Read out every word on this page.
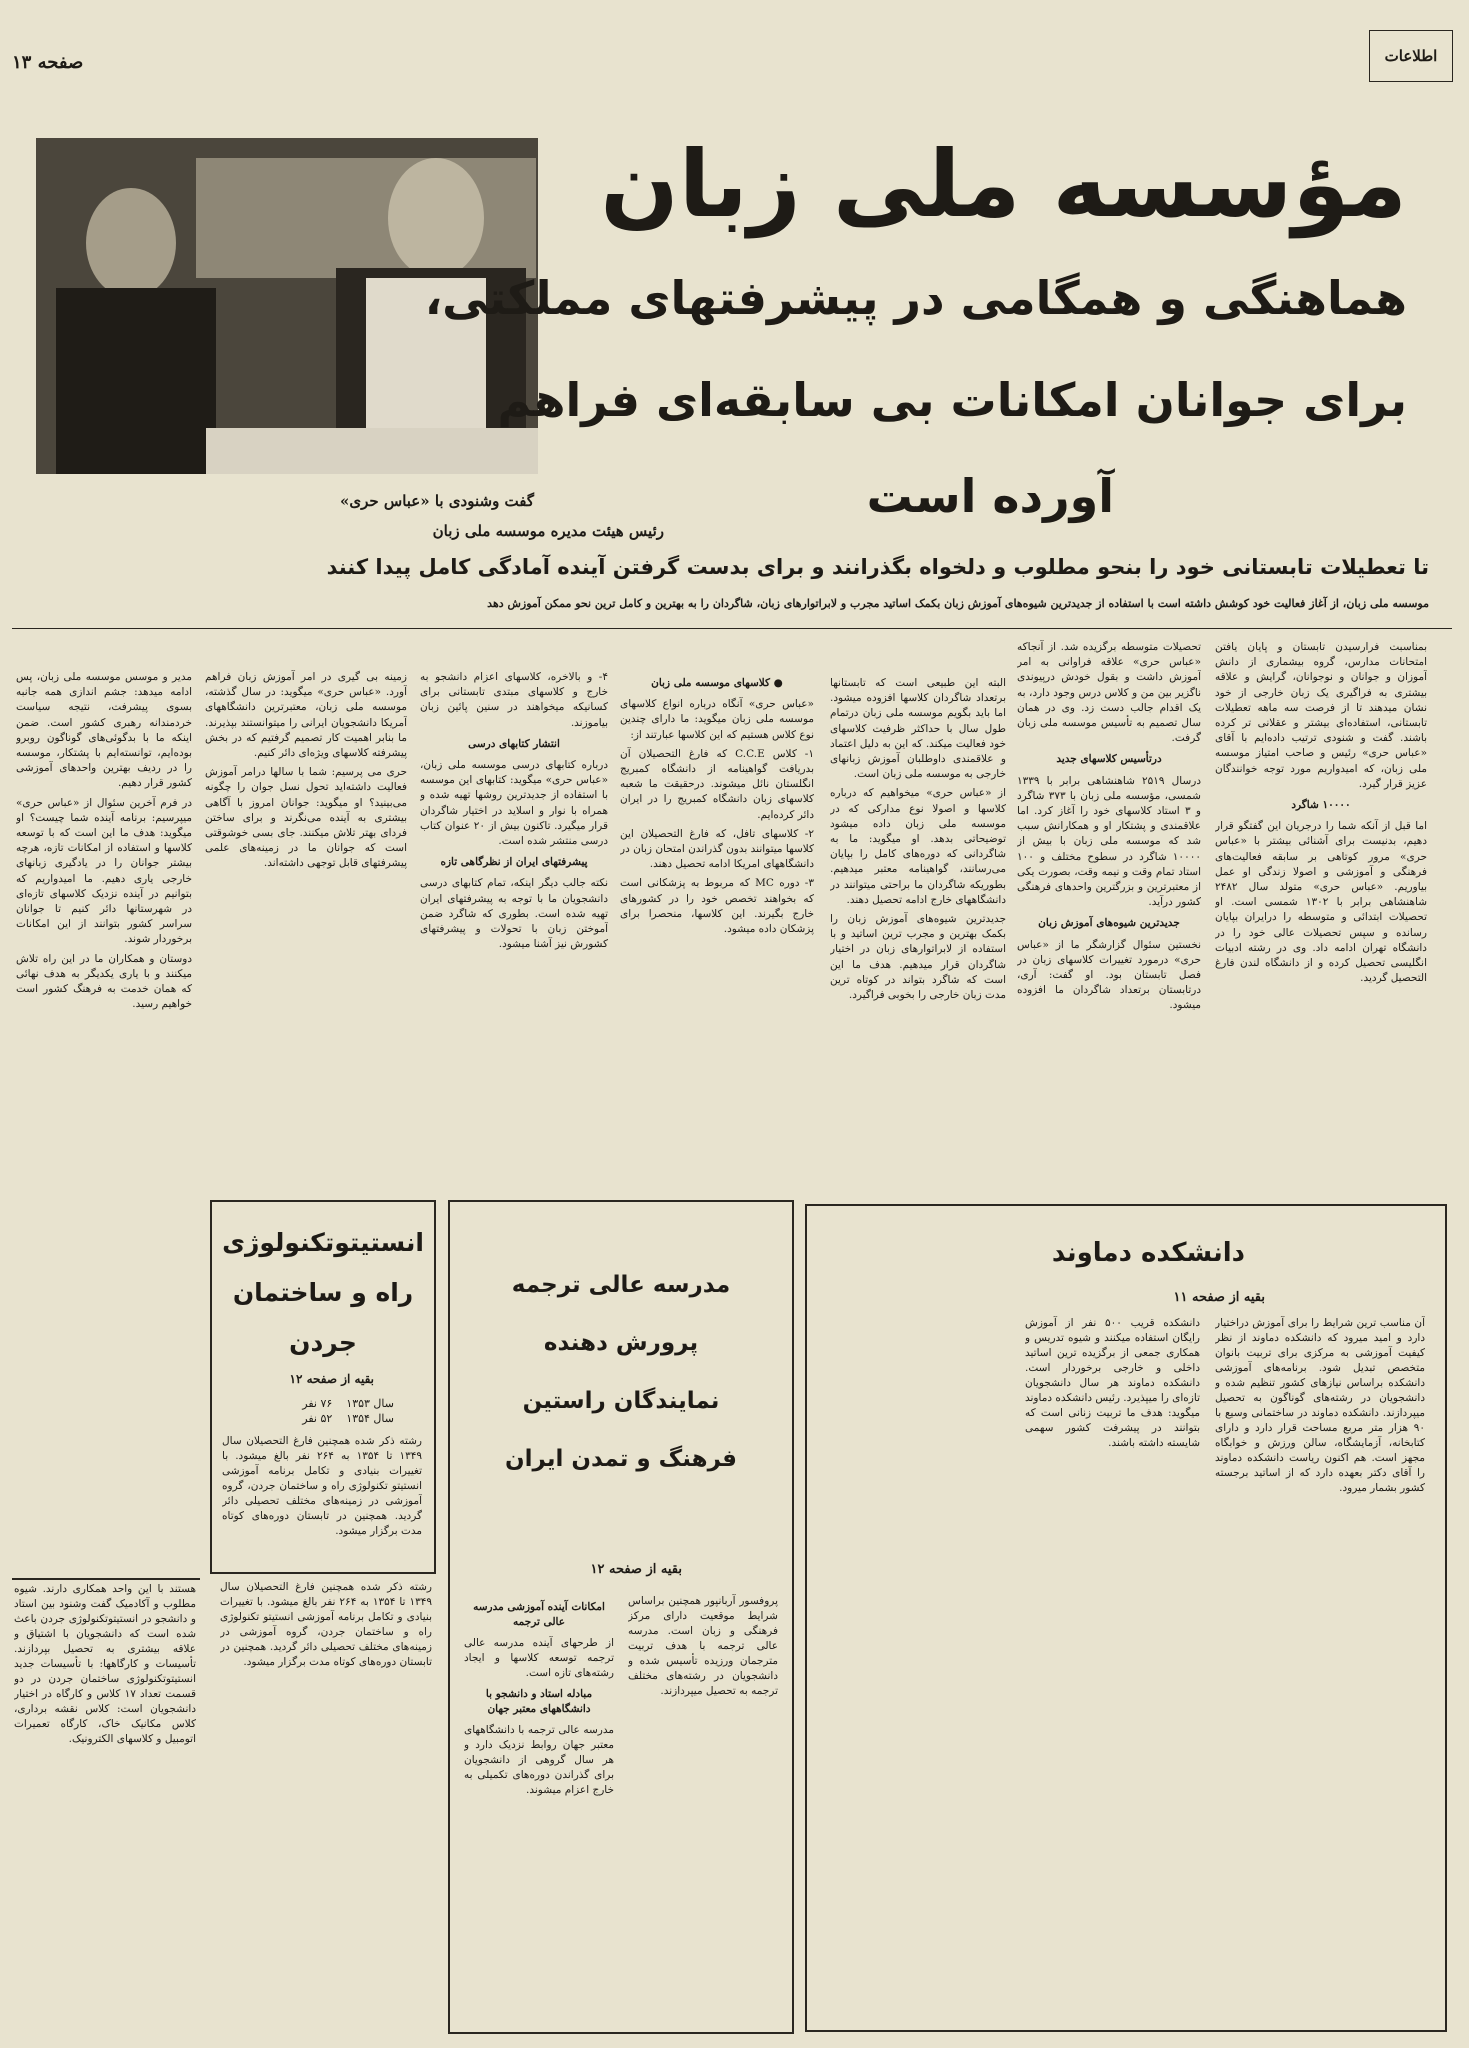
صفحه ۱۳	اطلاعات
مؤسسه ملی زبان
هماهنگی و همگامی در پیشرفتهای مملکتی،
برای جوانان امکانات بی سابقه‌ای فراهم
آورده است
گفت وشنودی با «عباس حری»
رئیس هیئت مدیره موسسه ملی زبان
تا تعطیلات تابستانی خود را بنحو مطلوب و دلخواه بگذرانند و برای بدست گرفتن آینده آمادگی کامل پیدا کنند
موسسه ملی زبان، از آغاز فعالیت خود کوشش داشته است با استفاده از جدیدترین شیوه‌های آموزش زبان بکمک اساتید مجرب و لابراتوارهای زبان، شاگردان را به بهترین و کامل ترین نحو ممکن آموزش دهد

بمناسبت فرارسیدن تابستان و پایان یافتن امتحانات مدارس، گروه بیشماری از دانش آموزان و جوانان و نوجوانان، گرایش و علاقه بیشتری به فراگیری یک زبان خارجی از خود نشان میدهند تا از فرصت سه ماهه تعطیلات تابستانی، استفاده‌ای بیشتر و عقلانی تر کرده باشند. گفت و شنودی ترتیب داده‌ایم با آقای «عباس حری» رئیس و صاحب امتیاز موسسه ملی زبان، که امیدواریم مورد توجه خوانندگان عزیز قرار گیرد.

۱۰۰۰۰ شاگرد

اما قبل از آنکه شما را درجریان این گفتگو قرار دهیم، بدنیست برای آشنائی بیشتر با «عباس حری» مرور کوتاهی بر سابقه فعالیت‌های فرهنگی و آموزشی و اصولا زندگی او عمل بیاوریم. «عباس حری» متولد سال ۲۴۸۲ شاهنشاهی برابر با ۱۳۰۲ شمسی است. او تحصیلات ابتدائی و متوسطه را درایران بپایان رسانده و سپس تحصیلات عالی خود را در دانشگاه تهران ادامه داد. وی در رشته ادبیات انگلیسی تحصیل کرده و از دانشگاه لندن فارغ التحصیل گردید.

تحصیلات متوسطه برگزیده شد. از آنجاکه «عباس حری» علاقه فراوانی به امر آموزش داشت و بقول خودش درپیوندی ناگزیر بین من و کلاس درس وجود دارد، به یک اقدام جالب دست زد. وی در همان سال تصمیم به تأسیس موسسه ملی زبان گرفت.

درتأسیس کلاسهای جدید

درسال ۲۵۱۹ شاهنشاهی برابر با ۱۳۳۹ شمسی، مؤسسه ملی زبان با ۳۷۳ شاگرد و ۳ استاد کلاسهای خود را آغاز کرد. اما علاقمندی و پشتکار او و همکارانش سبب شد که موسسه ملی زبان با بیش از ۱۰۰۰۰ شاگرد در سطوح مختلف و ۱۰۰ استاد تمام وقت و نیمه وقت، بصورت یکی از معتبرترین و بزرگترین واحدهای فرهنگی کشور درآید.

جدیدترین شیوه‌های آموزش زبان

نخستین سئوال گزارشگر ما از «عباس حری» درمورد تغییرات کلاسهای زبان در فصل تابستان بود. او گفت: آری، درتابستان برتعداد شاگردان ما افزوده میشود.

البته این طبیعی است که تابستانها برتعداد شاگردان کلاسها افزوده میشود. اما باید بگویم موسسه ملی زبان درتمام طول سال با حداکثر ظرفیت کلاسهای خود فعالیت میکند. که این به دلیل اعتماد و علاقمندی داوطلبان آموزش زبانهای خارجی به موسسه ملی زبان است.

از «عباس حری» میخواهیم که درباره کلاسها و اصولا نوع مدارکی که در موسسه ملی زبان داده میشود توضیحاتی بدهد. او میگوید: ما به شاگردانی که دوره‌های کامل را بپایان می‌رسانند، گواهینامه معتبر میدهیم. بطوریکه شاگردان ما براحتی میتوانند در دانشگاههای خارج ادامه تحصیل دهند.

جدیدترین شیوه‌های آموزش زبان را بکمک بهترین و مجرب ترین اساتید و با استفاده از لابراتوارهای زبان در اختیار شاگردان قرار میدهیم. هدف ما این است که شاگرد بتواند در کوتاه ترین مدت زبان خارجی را بخوبی فراگیرد.

● کلاسهای موسسه ملی زبان

«عباس حری» آنگاه درباره انواع کلاسهای موسسه ملی زبان میگوید: ما دارای چندین نوع کلاس هستیم که این کلاسها عبارتند از:

۱- کلاس C.C.E که فارغ التحصیلان آن بدریافت گواهینامه از دانشگاه کمبریج انگلستان نائل میشوند. درحقیقت ما شعبه کلاسهای زبان دانشگاه کمبریج را در ایران دائر کرده‌ایم.

۲- کلاسهای تافل، که فارغ التحصیلان این کلاسها میتوانند بدون گذراندن امتحان زبان در دانشگاههای امریکا ادامه تحصیل دهند.

۳- دوره MC که مربوط به پزشکانی است که بخواهند تخصص خود را در کشورهای خارج بگیرند. این کلاسها، منحصرا برای پزشکان داده میشود.

۴- و بالاخره، کلاسهای اعزام دانشجو به خارج و کلاسهای مبتدی تابستانی برای کسانیکه میخواهند در سنین پائین زبان بیاموزند.

انتشار کتابهای درسی

درباره کتابهای درسی موسسه ملی زبان، «عباس حری» میگوید: کتابهای این موسسه با استفاده از جدیدترین روشها تهیه شده و همراه با نوار و اسلاید در اختیار شاگردان قرار میگیرد. تاکنون بیش از ۲۰ عنوان کتاب درسی منتشر شده است.

پیشرفتهای ایران از نظرگاهی تازه

نکته جالب دیگر اینکه، تمام کتابهای درسی دانشجویان ما با توجه به پیشرفتهای ایران تهیه شده است. بطوری که شاگرد ضمن آموختن زبان با تحولات و پیشرفتهای کشورش نیز آشنا میشود.

زمینه بی گیری در امر آموزش زبان فراهم آورد. «عباس حری» میگوید: در سال گذشته، موسسه ملی زبان، معتبرترین دانشگاههای آمریکا دانشجویان ایرانی را میتوانستند بپذیرند. ما بنابر اهمیت کار تصمیم گرفتیم که در بخش پیشرفته کلاسهای ویژه‌ای دائر کنیم.

حری می پرسیم: شما با سالها درامر آموزش فعالیت داشته‌اید تحول نسل جوان را چگونه می‌بینید؟ او میگوید: جوانان امروز با آگاهی بیشتری به آینده می‌نگرند و برای ساختن فردای بهتر تلاش میکنند. جای بسی خوشوقتی است که جوانان ما در زمینه‌های علمی پیشرفتهای قابل توجهی داشته‌اند.

مدیر و موسس موسسه ملی زبان، پس ادامه میدهد: جشم اندازی همه جانبه بسوی پیشرفت، نتیجه سیاست خردمندانه رهبری کشور است. ضمن اینکه ما با بدگوئی‌های گوناگون روبرو بوده‌ایم، توانسته‌ایم با پشتکار، موسسه را در ردیف بهترین واحدهای آموزشی کشور قرار دهیم.

در فرم آخرین سئوال از «عباس حری» میپرسیم: برنامه آینده شما چیست؟ او میگوید: هدف ما این است که با توسعه کلاسها و استفاده از امکانات تازه، هرچه بیشتر جوانان را در یادگیری زبانهای خارجی یاری دهیم. ما امیدواریم که بتوانیم در آینده نزدیک کلاسهای تازه‌ای در شهرستانها دائر کنیم تا جوانان سراسر کشور بتوانند از این امکانات برخوردار شوند.

دوستان و همکاران ما در این راه تلاش میکنند و با یاری یکدیگر به هدف نهائی که همان خدمت به فرهنگ کشور است خواهیم رسید.

دانشکده دماوند
بقیه از صفحه ۱۱
آن مناسب ترین شرایط را برای آموزش دراختیار دارد و امید میرود که دانشکده دماوند از نظر کیفیت آموزشی به مرکزی برای تربیت بانوان متخصص تبدیل شود. برنامه‌های آموزشی دانشکده براساس نیازهای کشور تنظیم شده و دانشجویان در رشته‌های گوناگون به تحصیل میپردازند. دانشکده دماوند در ساختمانی وسیع با ۹۰ هزار متر مربع مساحت قرار دارد و دارای کتابخانه، آزمایشگاه، سالن ورزش و خوابگاه مجهز است. هم اکنون ریاست دانشکده دماوند را آقای دکتر بعهده دارد که از اساتید برجسته کشور بشمار میرود.
دانشکده قریب ۵۰۰ نفر از آموزش رایگان استفاده میکنند و شیوه تدریس و همکاری جمعی از برگزیده ترین اساتید داخلی و خارجی برخوردار است. دانشکده دماوند هر سال دانشجویان تازه‌ای را میپذیرد. رئیس دانشکده دماوند میگوید: هدف ما تربیت زنانی است که بتوانند در پیشرفت کشور سهمی شایسته داشته باشند.
مدرسه عالی ترجمه
پرورش دهنده
نمایندگان راستین
فرهنگ و تمدن ایران
بقیه از صفحه ۱۲
پروفسور آربانپور همچنین براساس شرایط موقعیت دارای مرکز فرهنگی و زبان است. مدرسه عالی ترجمه با هدف تربیت مترجمان ورزیده تأسیس شده و دانشجویان در رشته‌های مختلف ترجمه به تحصیل میپردازند.
امکانات آینده آموزشی مدرسه عالی ترجمه
از طرحهای آینده مدرسه عالی ترجمه توسعه کلاسها و ایجاد رشته‌های تازه است.
مبادله استاد و دانشجو با دانشگاههای معتبر جهان
مدرسه عالی ترجمه با دانشگاههای معتبر جهان روابط نزدیک دارد و هر سال گروهی از دانشجویان برای گذراندن دوره‌های تکمیلی به خارج اعزام میشوند.
انستیتوتکنولوژی
راه و ساختمان
جردن
بقیه از صفحه ۱۲
سال ۱۳۵۳    ۷۶ نفر
سال ۱۳۵۴    ۵۲ نفر
رشته ذکر شده همچنین فارغ التحصیلان سال ۱۳۴۹ تا ۱۳۵۴ به ۲۶۴ نفر بالغ میشود. با تغییرات بنیادی و تکامل برنامه آموزشی انستیتو تکنولوژی راه و ساختمان جردن، گروه آموزشی در زمینه‌های مختلف تحصیلی دائر گردید. همچنین در تابستان دوره‌های کوتاه مدت برگزار میشود.
رشته ذکر شده همچنین فارغ التحصیلان سال ۱۳۴۹ تا ۱۳۵۴ به ۲۶۴ نفر بالغ میشود. با تغییرات بنیادی و تکامل برنامه آموزشی انستیتو تکنولوژی راه و ساختمان جردن، گروه آموزشی در زمینه‌های مختلف تحصیلی دائر گردید. همچنین در تابستان دوره‌های کوتاه مدت برگزار میشود.
هستند با این واحد همکاری دارند. شیوه مطلوب و آکادمیک گفت وشنود بین استاد و دانشجو در انستیتوتکنولوژی جردن باعث شده است که دانشجویان با اشتیاق و علاقه بیشتری به تحصیل بپردازند. تأسیسات و کارگاهها: با تأسیسات جدید انستیتوتکنولوژی ساختمان جردن در دو قسمت تعداد ۱۷ کلاس و کارگاه در اختیار دانشجویان است: کلاس نقشه برداری، کلاس مکانیک خاک، کارگاه تعمیرات اتومبیل و کلاسهای الکترونیک.
